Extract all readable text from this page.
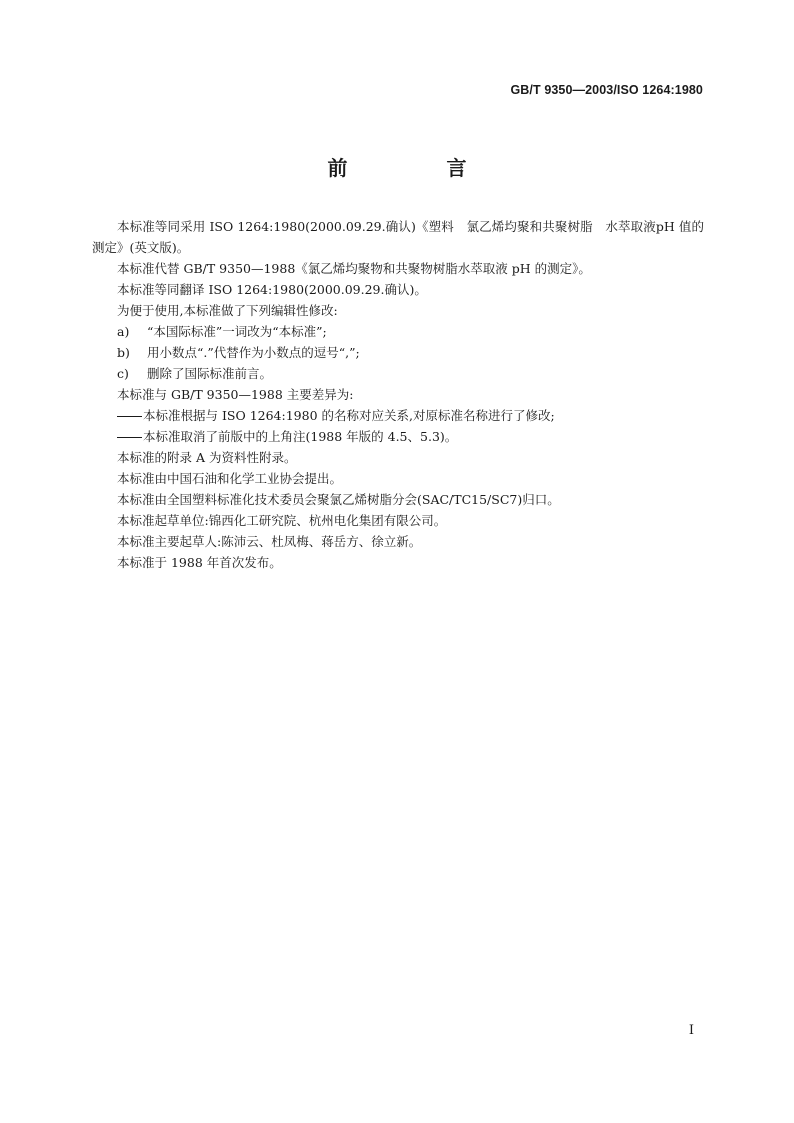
GB/T 9350—2003/ISO 1264:1980
前 言

本标准等同采用 ISO 1264:1980(2000.09.29.确认)《塑料　氯乙烯均聚和共聚树脂　水萃取液pH 值的测定》(英文版)。

本标准代替 GB/T 9350—1988《氯乙烯均聚物和共聚物树脂水萃取液 pH 的测定》。

本标准等同翻译 ISO 1264:1980(2000.09.29.确认)。

为便于使用,本标准做了下列编辑性修改:

a) “本国际标准”一词改为“本标准”;

b) 用小数点“.”代替作为小数点的逗号“,”;

c) 删除了国际标准前言。

本标准与 GB/T 9350—1988 主要差异为:

本标准根据与 ISO 1264:1980 的名称对应关系,对原标准名称进行了修改;

本标准取消了前版中的上角注(1988 年版的 4.5、5.3)。

本标准的附录 A 为资料性附录。

本标准由中国石油和化学工业协会提出。

本标准由全国塑料标准化技术委员会聚氯乙烯树脂分会(SAC/TC15/SC7)归口。

本标准起草单位:锦西化工研究院、杭州电化集团有限公司。

本标准主要起草人:陈沛云、杜凤梅、蒋岳方、徐立新。

本标准于 1988 年首次发布。

I
